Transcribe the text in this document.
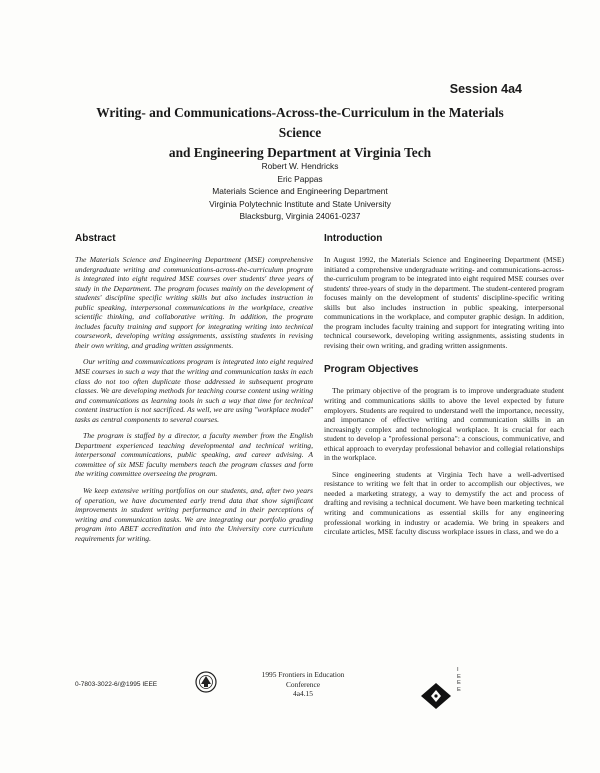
Session 4a4
Writing- and Communications-Across-the-Curriculum in the Materials Science
and Engineering Department at Virginia Tech
Robert W. Hendricks
Eric Pappas
Materials Science and Engineering Department
Virginia Polytechnic Institute and State University
Blacksburg, Virginia 24061-0237
Abstract

The Materials Science and Engineering Department (MSE) comprehensive undergraduate writing and communications-across-the-curriculum program is integrated into eight required MSE courses over students' three years of study in the Department. The program focuses mainly on the development of students' discipline specific writing skills but also includes instruction in public speaking, interpersonal communications in the workplace, creative scientific thinking, and collaborative writing. In addition, the program includes faculty training and support for integrating writing into technical coursework, developing writing assignments, assisting students in revising their own writing, and grading written assignments.

Our writing and communications program is integrated into eight required MSE courses in such a way that the writing and communication tasks in each class do not too often duplicate those addressed in subsequent program classes. We are developing methods for teaching course content using writing and communications as learning tools in such a way that time for technical content instruction is not sacrificed. As well, we are using "workplace model" tasks as central components to several courses.

The program is staffed by a director, a faculty member from the English Department experienced teaching developmental and technical writing, interpersonal communications, public speaking, and career advising. A committee of six MSE faculty members teach the program classes and form the writing committee overseeing the program.

We keep extensive writing portfolios on our students, and, after two years of operation, we have documented early trend data that show significant improvements in student writing performance and in their perceptions of writing and communication tasks. We are integrating our portfolio grading program into ABET accreditation and into the University core curriculum requirements for writing.

Introduction

In August 1992, the Materials Science and Engineering Department (MSE) initiated a comprehensive undergraduate writing- and communications-across-the-curriculum program to be integrated into eight required MSE courses over students' three-years of study in the department. The student-centered program focuses mainly on the development of students' discipline-specific writing skills but also includes instruction in public speaking, interpersonal communications in the workplace, and computer graphic design. In addition, the program includes faculty training and support for integrating writing into technical coursework, developing writing assignments, assisting students in revising their own writing, and grading written assignments.

Program Objectives

The primary objective of the program is to improve undergraduate student writing and communications skills to above the level expected by future employers. Students are required to understand well the importance, necessity, and importance of effective writing and communication skills in an increasingly complex and technological workplace. It is crucial for each student to develop a "professional persona": a conscious, communicative, and ethical approach to everyday professional behavior and collegial relationships in the workplace.

Since engineering students at Virginia Tech have a well-advertised resistance to writing we felt that in order to accomplish our objectives, we needed a marketing strategy, a way to demystify the act and process of drafting and revising a technical document. We have been marketing technical writing and communications as essential skills for any engineering professional working in industry or academia. We bring in speakers and circulate articles, MSE faculty discuss workplace issues in class, and we do a

0-7803-3022-6/@1995 IEEE
1995 Frontiers in Education Conference
4a4.15
I
E
E
E
